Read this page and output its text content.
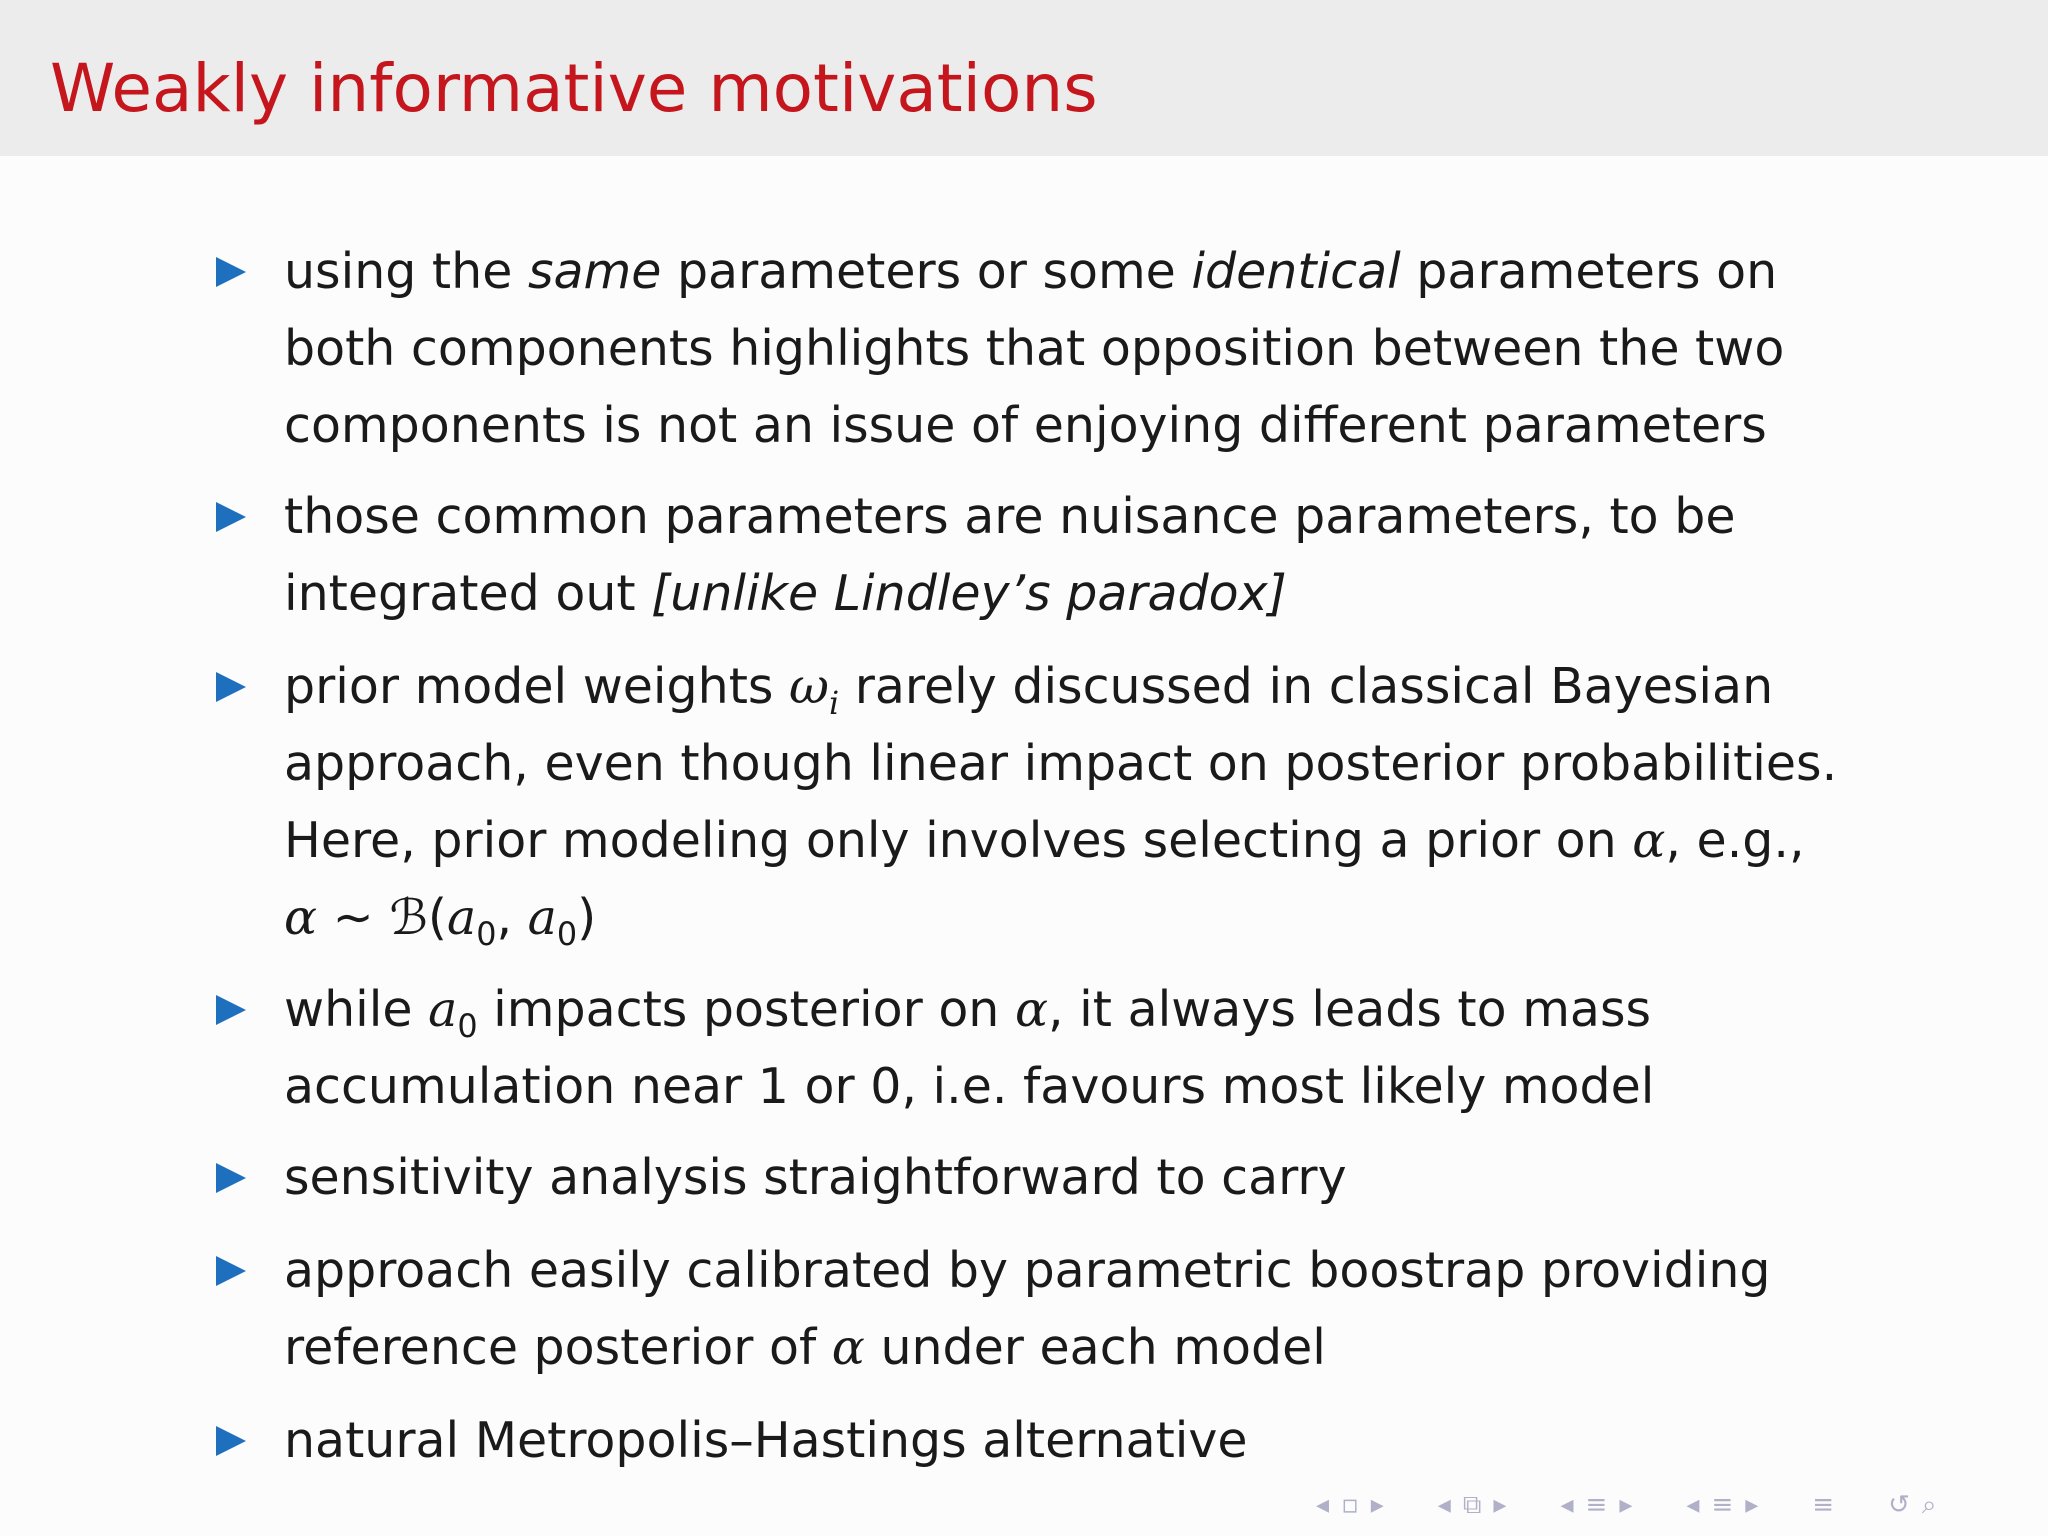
Weakly informative motivations
using the same parameters or some identical parameters on
both components highlights that opposition between the two
components is not an issue of enjoying different parameters
those common parameters are nuisance parameters, to be
integrated out [unlike Lindley’s paradox]
prior model weights $\omega_i$ rarely discussed in classical Bayesian
approach, even though linear impact on posterior probabilities.
Here, prior modeling only involves selecting a prior on α, e.g.,
α ∼ $ℬ(a_0$, $a_0$)
while $a_0$ impacts posterior on α, it always leads to mass
accumulation near 1 or 0, i.e. favours most likely model
sensitivity analysis straightforward to carry
approach easily calibrated by parametric boostrap providing
reference posterior of α under each model
natural Metropolis–Hastings alternative
◂ ▫ ▸ ◂ ⧉ ▸ ◂ ≡ ▸ ◂ ≡ ▸ ≡ ↺ ⌕
